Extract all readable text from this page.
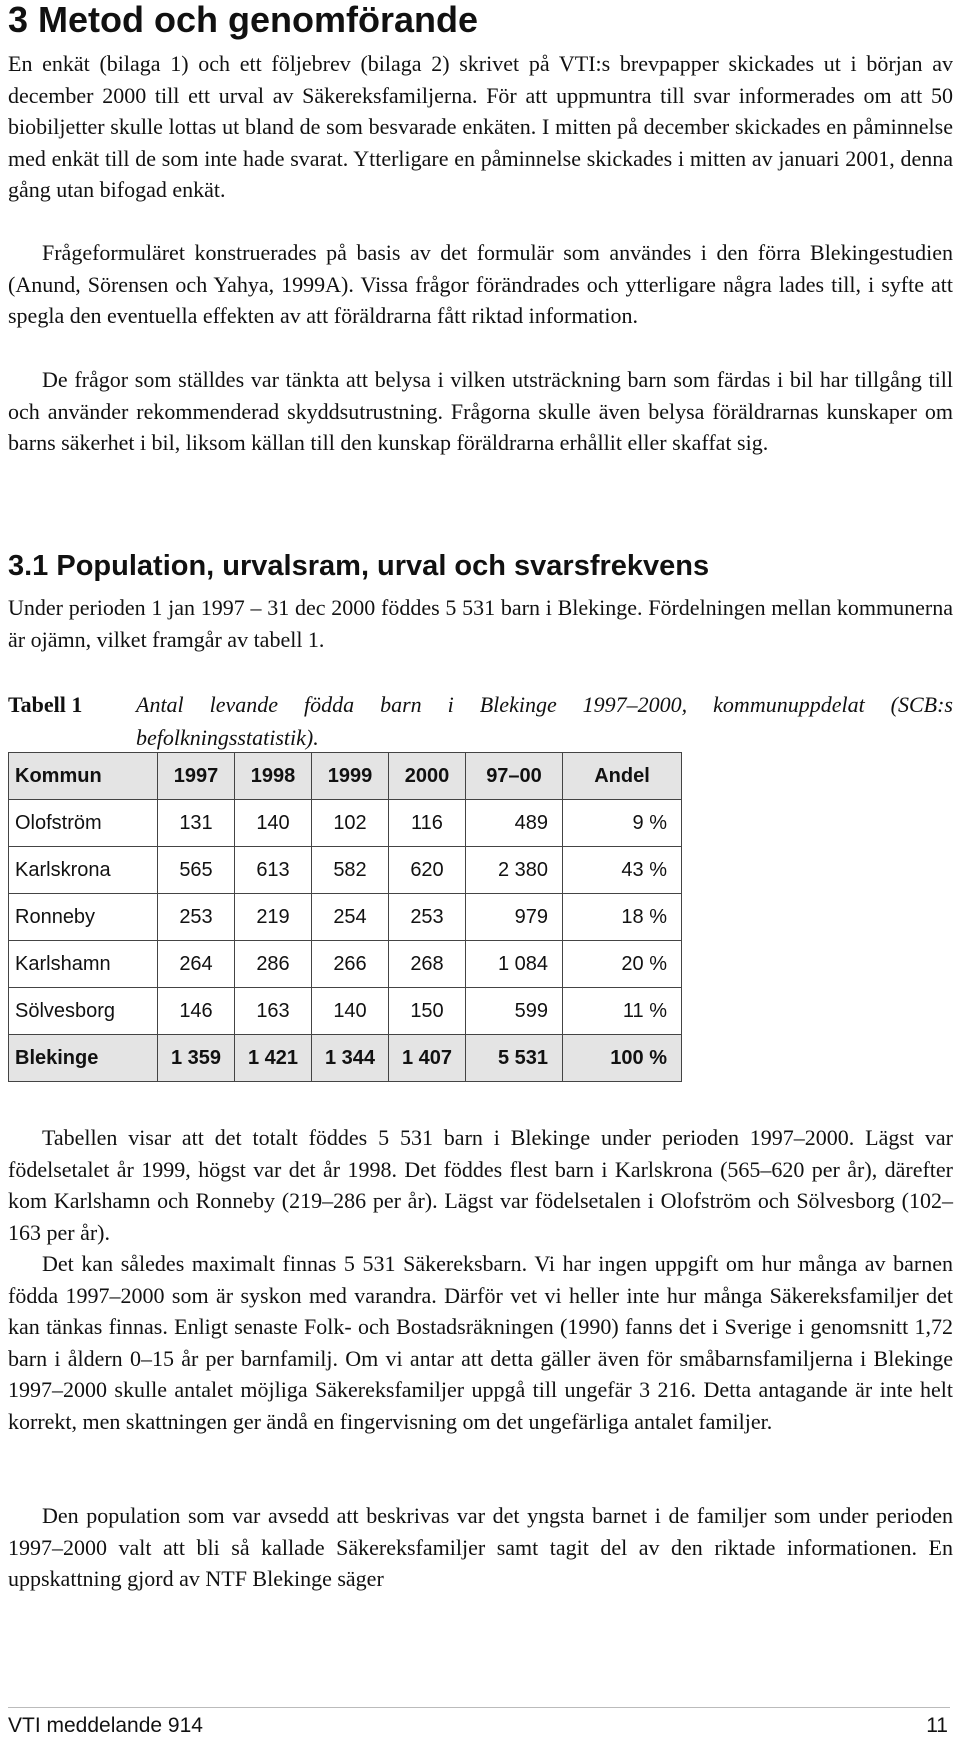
3 Metod och genomförande

En enkät (bilaga 1) och ett följebrev (bilaga 2) skrivet på VTI:s brevpapper skickades ut i början av december 2000 till ett urval av Säkereksfamiljerna. För att uppmuntra till svar informerades om att 50 biobiljetter skulle lottas ut bland de som besvarade enkäten. I mitten på december skickades en påminnelse med enkät till de som inte hade svarat. Ytterligare en påminnelse skickades i mitten av januari 2001, denna gång utan bifogad enkät.

Frågeformuläret konstruerades på basis av det formulär som användes i den förra Blekingestudien (Anund, Sörensen och Yahya, 1999A). Vissa frågor förändrades och ytterligare några lades till, i syfte att spegla den eventuella effekten av att föräldrarna fått riktad information.

De frågor som ställdes var tänkta att belysa i vilken utsträckning barn som färdas i bil har tillgång till och använder rekommenderad skyddsutrustning. Frågorna skulle även belysa föräldrarnas kunskaper om barns säkerhet i bil, liksom källan till den kunskap föräldrarna erhållit eller skaffat sig.

3.1 Population, urvalsram, urval och svarsfrekvens

Under perioden 1 jan 1997 – 31 dec 2000 föddes 5 531 barn i Blekinge. Fördelningen mellan kommunerna är ojämn, vilket framgår av tabell 1.

Tabell 1 Antal levande födda barn i Blekinge 1997–2000, kommunuppdelat (SCB:s befolkningsstatistik).
Kommun	1997	1998	1999	2000	97–00	Andel
Olofström	131	140	102	116	489	9 %
Karlskrona	565	613	582	620	2 380	43 %
Ronneby	253	219	254	253	979	18 %
Karlshamn	264	286	266	268	1 084	20 %
Sölvesborg	146	163	140	150	599	11 %
Blekinge	1 359	1 421	1 344	1 407	5 531	100 %

Tabellen visar att det totalt föddes 5 531 barn i Blekinge under perioden 1997–2000. Lägst var födelsetalet år 1999, högst var det år 1998. Det föddes flest barn i Karlskrona (565–620 per år), därefter kom Karlshamn och Ronneby (219–286 per år). Lägst var födelsetalen i Olofström och Sölvesborg (102–163 per år).

Det kan således maximalt finnas 5 531 Säkereksbarn. Vi har ingen uppgift om hur många av barnen födda 1997–2000 som är syskon med varandra. Därför vet vi heller inte hur många Säkereksfamiljer det kan tänkas finnas. Enligt senaste Folk- och Bostadsräkningen (1990) fanns det i Sverige i genomsnitt 1,72 barn i åldern 0–15 år per barnfamilj. Om vi antar att detta gäller även för småbarnsfamiljerna i Blekinge 1997–2000 skulle antalet möjliga Säkereksfamiljer uppgå till ungefär 3 216. Detta antagande är inte helt korrekt, men skattningen ger ändå en fingervisning om det ungefärliga antalet familjer.

Den population som var avsedd att beskrivas var det yngsta barnet i de familjer som under perioden 1997–2000 valt att bli så kallade Säkereksfamiljer samt tagit del av den riktade informationen. En uppskattning gjord av NTF Blekinge säger

VTI meddelande 914	11
